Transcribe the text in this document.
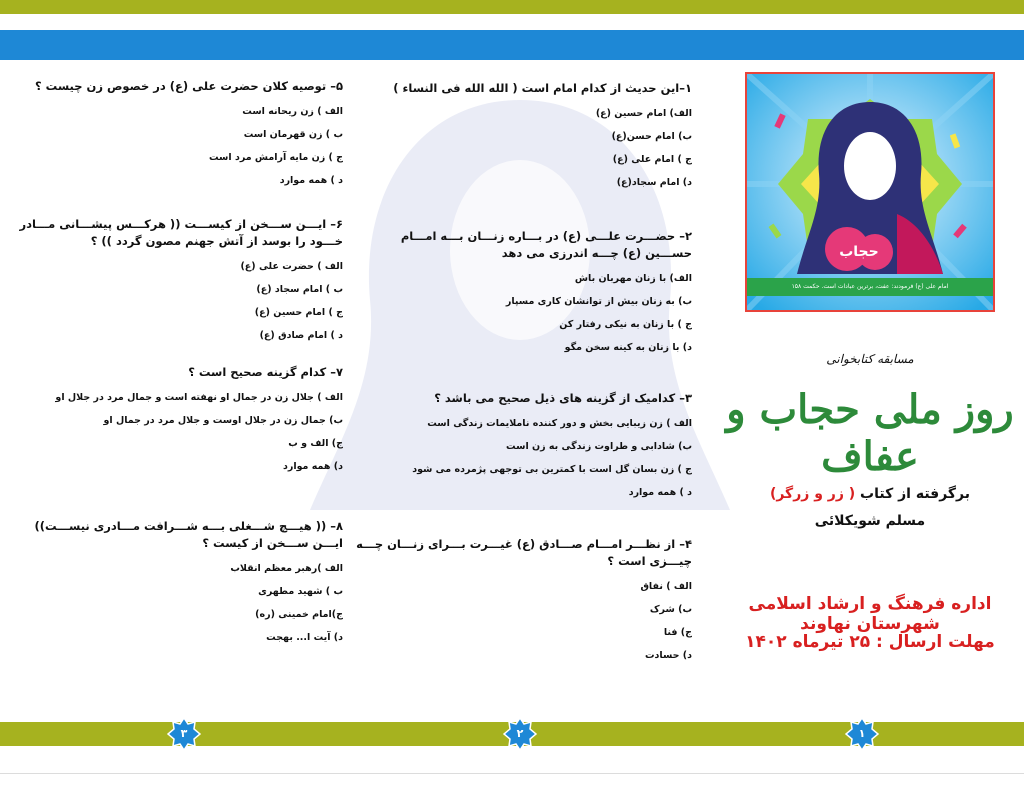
۵– توصیه کلان حضرت علی (ع) در خصوص زن چیست ؟
الف ) زن ریحانه است
ب ) زن قهرمان است
ج ) زن مایه آرامش مرد است
د ) همه موارد
۶– ایـــن ســـخن از کیســـت (( هرکـــس پیشـــانی مـــادر خـــود را بوسد از آتش جهنم مصون گردد )) ؟
الف ) حضرت علی (ع)
ب ) امام سجاد (ع)
ج ) امام حسین (ع)
د ) امام صادق (ع)
۷– کدام گزینه صحیح است ؟
الف ) جلال زن در جمال او نهفته است و جمال مرد در جلال او
ب) جمال زن در جلال اوست و جلال مرد در جمال او
ج) الف و ب
د) همه موارد
۸– (( هیـــچ شـــغلی بـــه شـــرافت مـــادری نیســـت)) ایـــن ســـخن از کیست ؟
الف )رهبر معظم انقلاب
ب ) شهید مطهری
ج)امام خمینی (ره)
د) آیت ا... بهجت
۱–این حدیث از کدام امام است ( الله الله فی النساء )
الف) امام حسین (ع)
ب) امام حسن(ع)
ج ) امام علی (ع)
د) امام سجاد(ع)
۲– حضـــرت علـــی (ع) در بـــاره زنـــان بـــه امـــام حســـین (ع) چـــه اندرزی می دهد
الف) با زنان مهربان باش
ب) به زنان بیش از توانشان کاری مسپار
ج ) با زنان به نیکی رفتار کن
د) با زنان به کینه سخن مگو
۳– کدامیک از گزینه های ذیل صحیح می باشد ؟
الف ) زن زیبایی بخش و دور کننده ناملایمات زندگی است
ب) شادابی و طراوت زندگی به زن است
ج ) زن بسان گل است با کمترین بی توجهی پژمرده می شود
د ) همه موارد
۴– از نظـــر امـــام صـــادق (ع) غیـــرت بـــرای زنـــان چـــه چیـــزی است ؟
الف ) نفاق
ب) شرک
ج) فنا
د) حسادت
حجاب
امام علی (ع) فرمودند: عفت، برترین عبادات است. حکمت ۱۵۸
مسابقه کتابخوانی
روز ملی حجاب و عفاف
برگرفته از کتاب ( زر و زرگر)
مسلم شویکلائی
اداره فرهنگ و ارشاد اسلامی شهرستان نهاوند
مهلت ارسال : ۲۵ تیرماه ۱۴۰۲
۳	۲	۱
